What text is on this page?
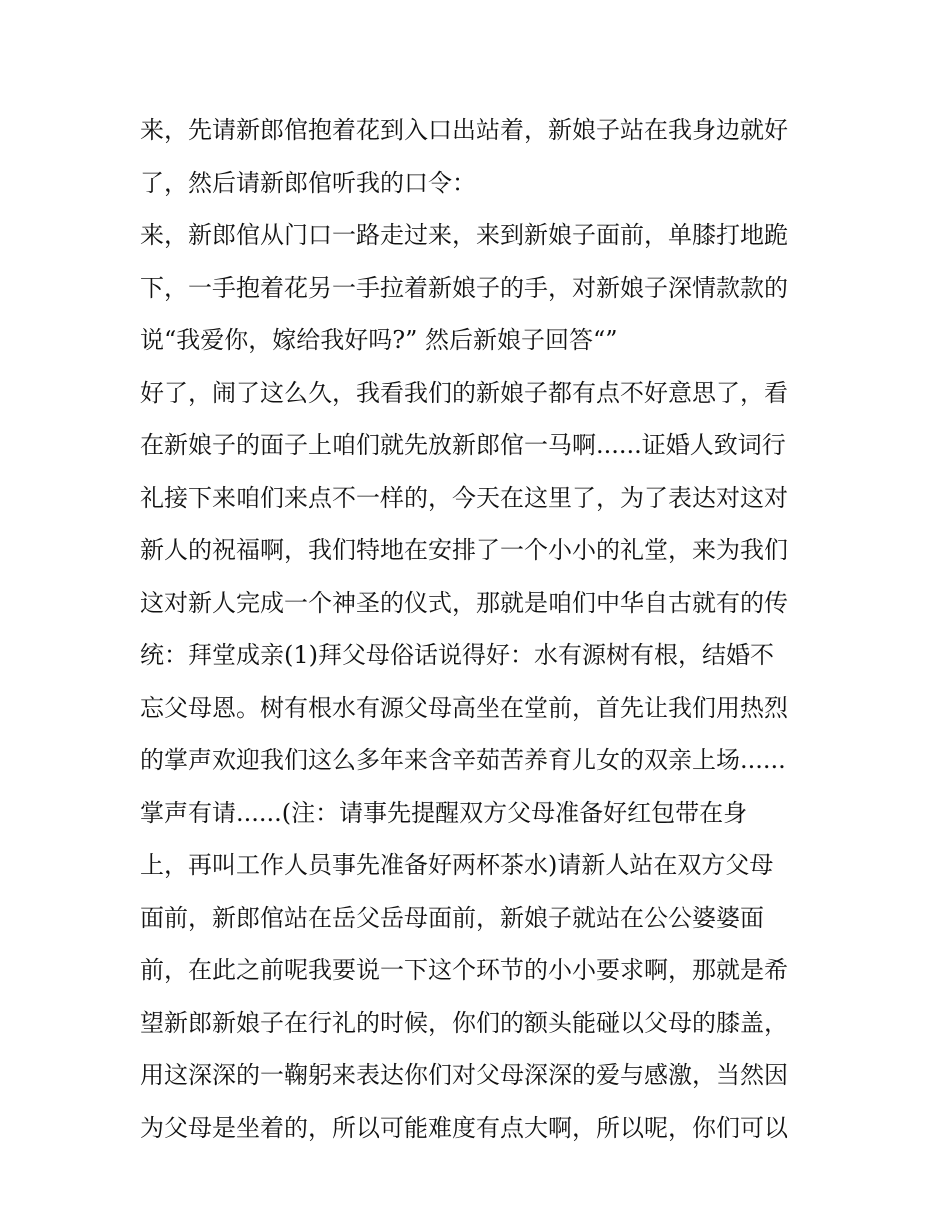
来，先请新郎倌抱着花到入口出站着，新娘子站在我身边就好
了，然后请新郎倌听我的口令：
来，新郎倌从门口一路走过来，来到新娘子面前，单膝打地跪
下，一手抱着花另一手拉着新娘子的手，对新娘子深情款款的
说“我爱你，嫁给我好吗?” 然后新娘子回答“”
好了，闹了这么久，我看我们的新娘子都有点不好意思了，看
在新娘子的面子上咱们就先放新郎倌一马啊......证婚人致词行
礼接下来咱们来点不一样的，今天在这里了，为了表达对这对
新人的祝福啊，我们特地在安排了一个小小的礼堂，来为我们
这对新人完成一个神圣的仪式，那就是咱们中华自古就有的传
统：拜堂成亲(1)拜父母俗话说得好：水有源树有根，结婚不
忘父母恩。树有根水有源父母高坐在堂前，首先让我们用热烈
的掌声欢迎我们这么多年来含辛茹苦养育儿女的双亲上场......
掌声有请......(注：请事先提醒双方父母准备好红包带在身
上，再叫工作人员事先准备好两杯茶水)请新人站在双方父母
面前，新郎倌站在岳父岳母面前，新娘子就站在公公婆婆面
前，在此之前呢我要说一下这个环节的小小要求啊，那就是希
望新郎新娘子在行礼的时候，你们的额头能碰以父母的膝盖，
用这深深的一鞠躬来表达你们对父母深深的爱与感激，当然因
为父母是坐着的，所以可能难度有点大啊，所以呢，你们可以
